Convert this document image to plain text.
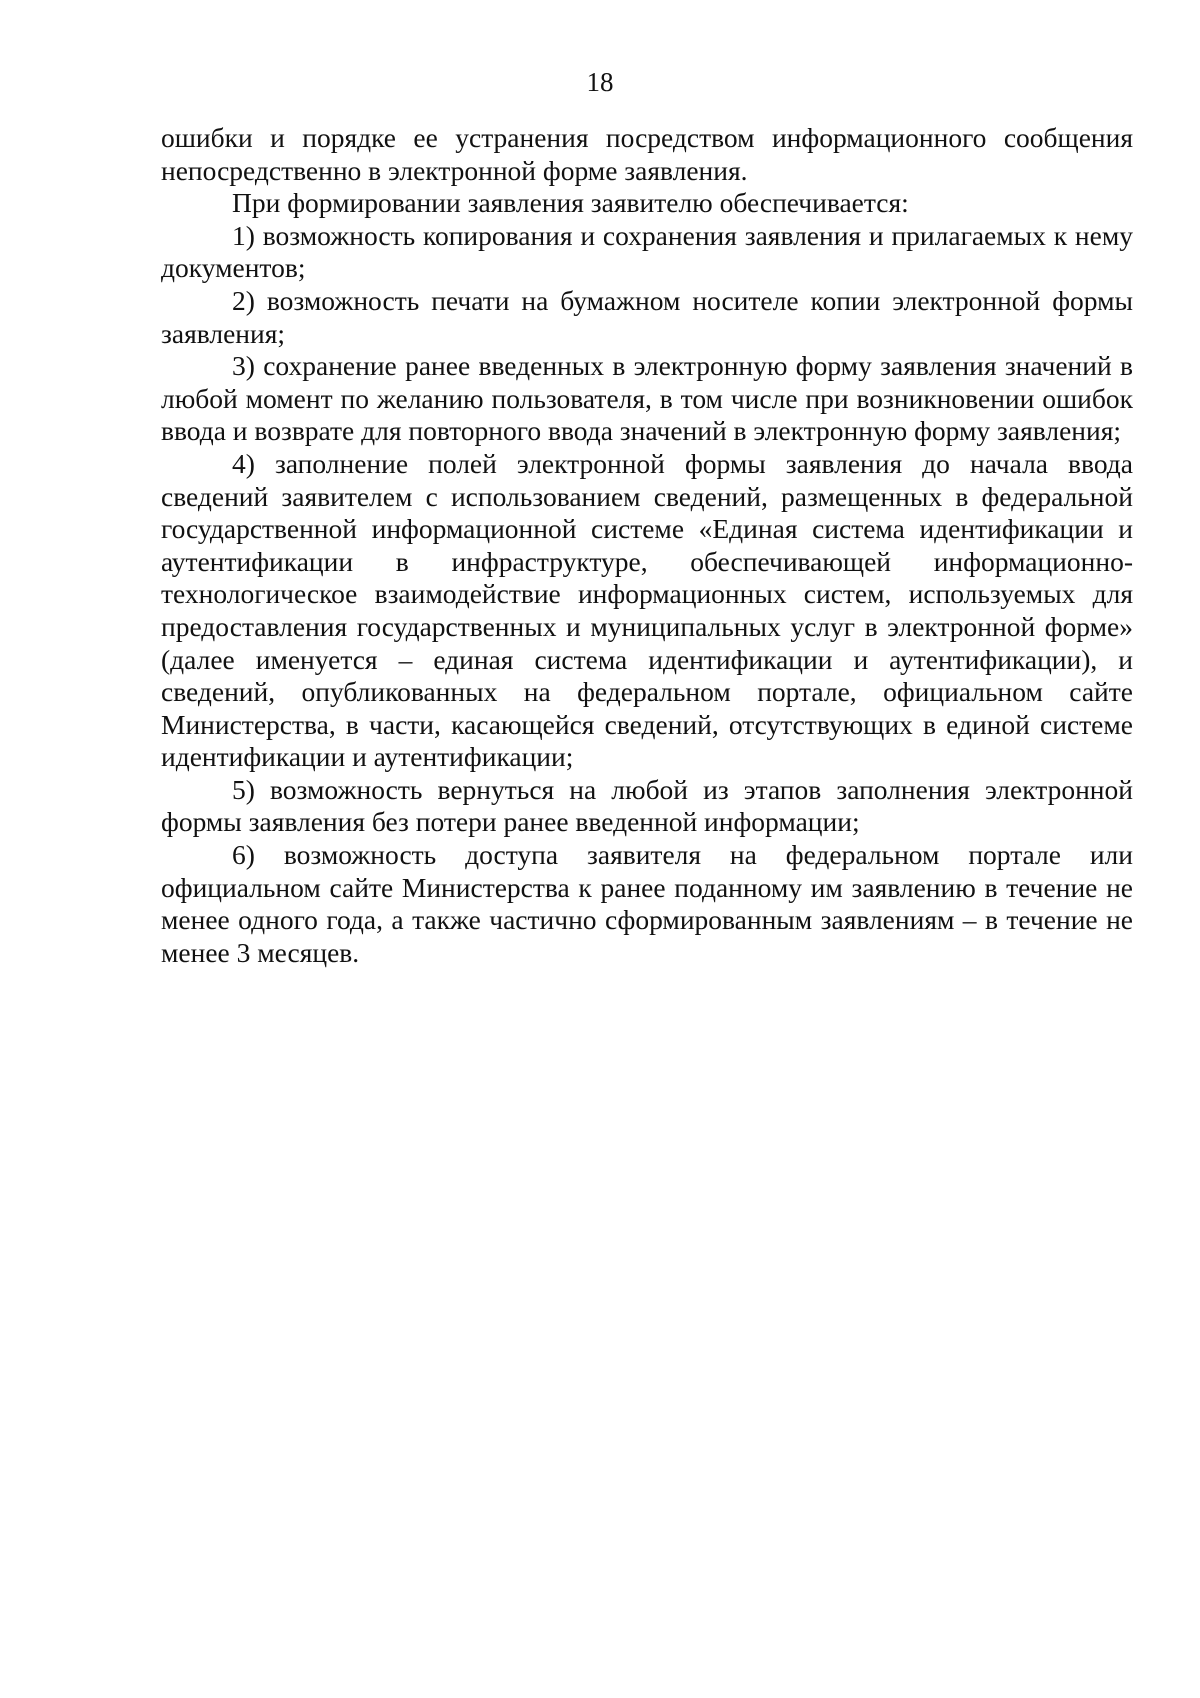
18

ошибки и порядке ее устранения посредством информационного сообщения непосредственно в электронной форме заявления.

При формировании заявления заявителю обеспечивается:

1) возможность копирования и сохранения заявления и прилагаемых к нему документов;

2) возможность печати на бумажном носителе копии электронной формы заявления;

3) сохранение ранее введенных в электронную форму заявления значений в любой момент по желанию пользователя, в том числе при возникновении ошибок ввода и возврате для повторного ввода значений в электронную форму заявления;

4) заполнение полей электронной формы заявления до начала ввода сведений заявителем с использованием сведений, размещенных в федеральной государственной информационной системе «Единая система идентификации и аутентификации в инфраструктуре, обеспечивающей информационно-технологическое взаимодействие информационных систем, используемых для предоставления государственных и муниципальных услуг в электронной форме» (далее именуется – единая система идентификации и аутентификации), и сведений, опубликованных на федеральном портале, официальном сайте Министерства, в части, касающейся сведений, отсутствующих в единой системе идентификации и аутентификации;

5) возможность вернуться на любой из этапов заполнения электронной формы заявления без потери ранее введенной информации;

6) возможность доступа заявителя на федеральном портале или официальном сайте Министерства к ранее поданному им заявлению в течение не менее одного года, а также частично сформированным заявлениям – в течение не менее 3 месяцев.
